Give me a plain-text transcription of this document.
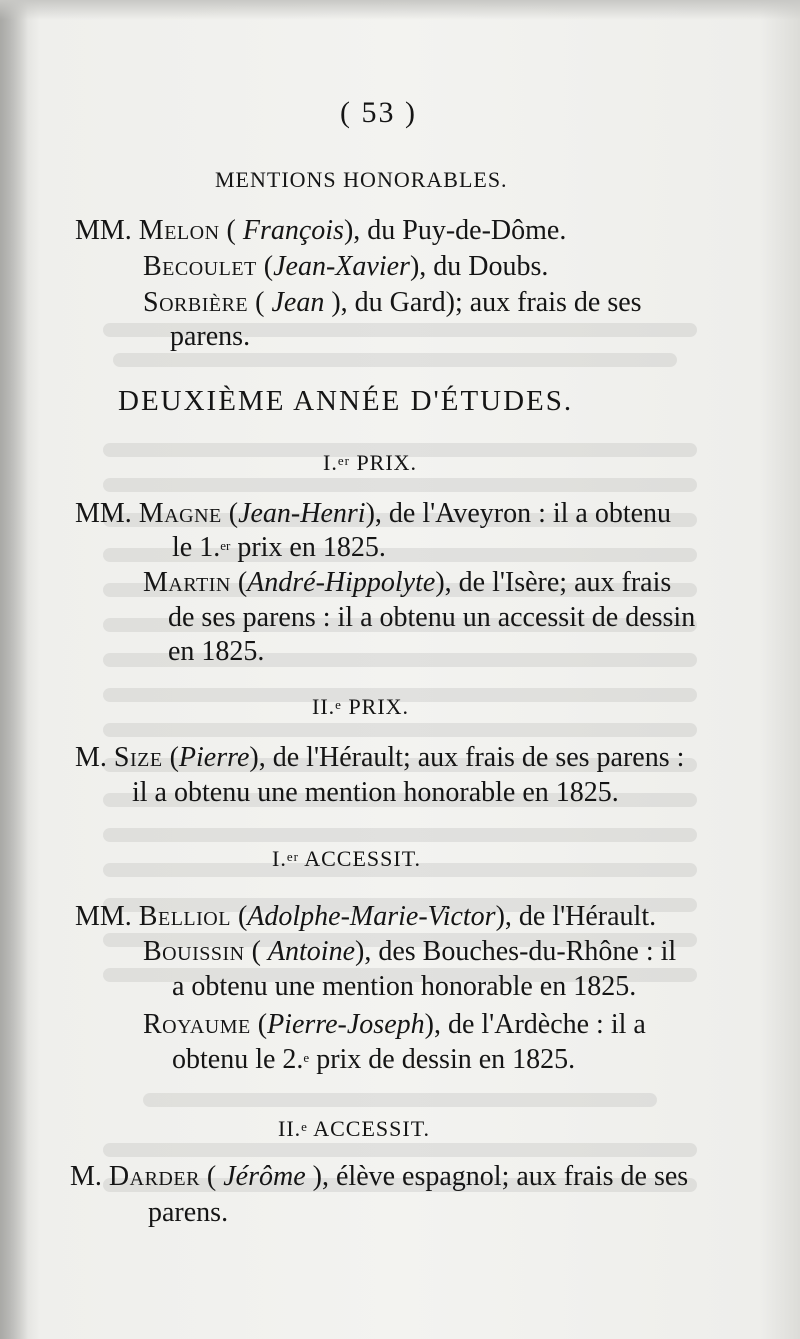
( 53 )
MENTIONS HONORABLES.
MM. Melon ( François), du Puy-de-Dôme.
Becoulet (Jean-Xavier), du Doubs.
Sorbière ( Jean ), du Gard); aux frais de ses
parens.
DEUXIÈME ANNÉE D'ÉTUDES.
I.$^{er}$ PRIX.
MM. Magne (Jean-Henri), de l'Aveyron : il a obtenu
le 1.$^{er}$ prix en 1825.
Martin (André-Hippolyte), de l'Isère; aux frais
de ses parens : il a obtenu un accessit de dessin
en 1825.
II.$^e$ PRIX.
M. Size (Pierre), de l'Hérault; aux frais de ses parens :
il a obtenu une mention honorable en 1825.
I.$^{er}$ ACCESSIT.
MM. Belliol (Adolphe-Marie-Victor), de l'Hérault.
Bouissin ( Antoine), des Bouches-du-Rhône : il
a obtenu une mention honorable en 1825.
Royaume (Pierre-Joseph), de l'Ardèche : il a
obtenu le 2.$^e$ prix de dessin en 1825.
II.$^e$ ACCESSIT.
M. Darder ( Jérôme ), élève espagnol; aux frais de ses
parens.
